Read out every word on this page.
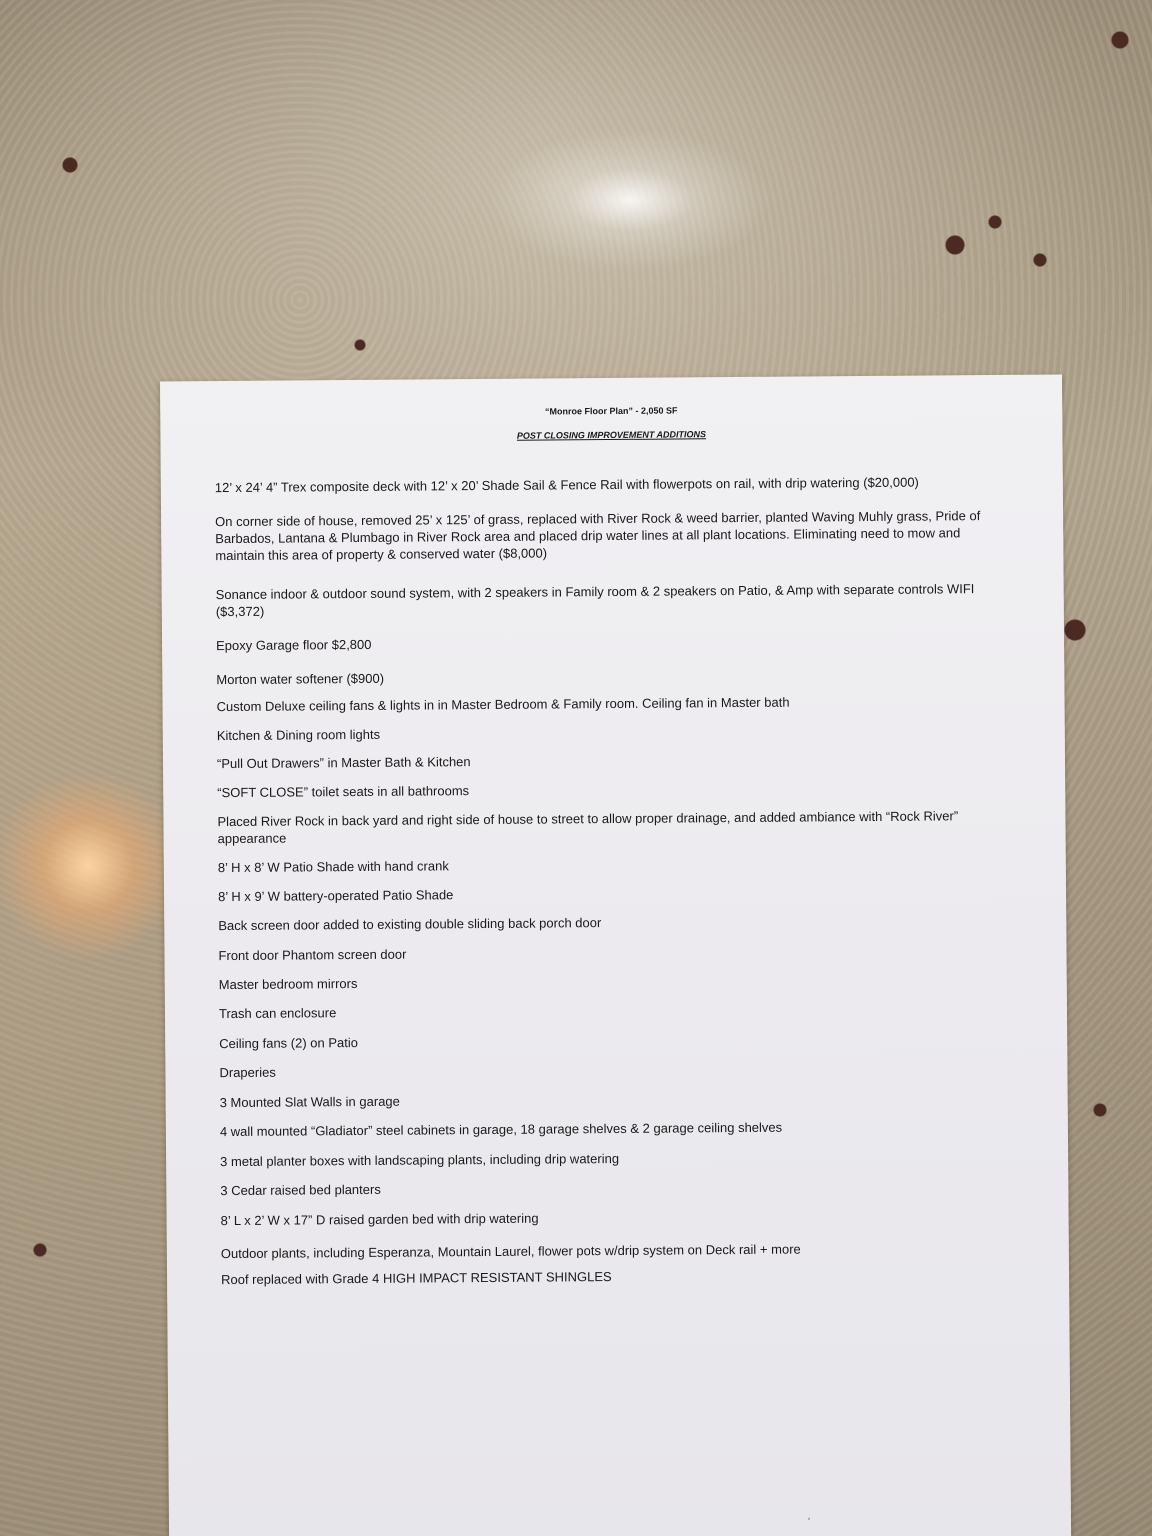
“Monroe Floor Plan” - 2,050 SF

POST CLOSING IMPROVEMENT ADDITIONS

12’ x 24’ 4” Trex composite deck with 12’ x 20’ Shade Sail & Fence Rail with flowerpots on rail, with drip watering ($20,000)

On corner side of house, removed 25’ x 125’ of grass, replaced with River Rock & weed barrier, planted Waving Muhly grass, Pride of Barbados, Lantana & Plumbago in River Rock area and placed drip water lines at all plant locations. Eliminating need to mow and maintain this area of property & conserved water ($8,000)

Sonance indoor & outdoor sound system, with 2 speakers in Family room & 2 speakers on Patio, & Amp with separate controls WIFI ($3,372)

Epoxy Garage floor $2,800

Morton water softener ($900)

Custom Deluxe ceiling fans & lights in in Master Bedroom & Family room. Ceiling fan in Master bath

Kitchen & Dining room lights

“Pull Out Drawers” in Master Bath & Kitchen

“SOFT CLOSE” toilet seats in all bathrooms

Placed River Rock in back yard and right side of house to street to allow proper drainage, and added ambiance with “Rock River” appearance

8’ H x 8’ W Patio Shade with hand crank

8’ H x 9’ W battery-operated Patio Shade

Back screen door added to existing double sliding back porch door

Front door Phantom screen door

Master bedroom mirrors

Trash can enclosure

Ceiling fans (2) on Patio

Draperies

3 Mounted Slat Walls in garage

4 wall mounted “Gladiator” steel cabinets in garage, 18 garage shelves & 2 garage ceiling shelves

3 metal planter boxes with landscaping plants, including drip watering

3 Cedar raised bed planters

8’ L x 2’ W x 17” D raised garden bed with drip watering

Outdoor plants, including Esperanza, Mountain Laurel, flower pots w/drip system on Deck rail + more

Roof replaced with Grade 4 HIGH IMPACT RESISTANT SHINGLES

ˌ
